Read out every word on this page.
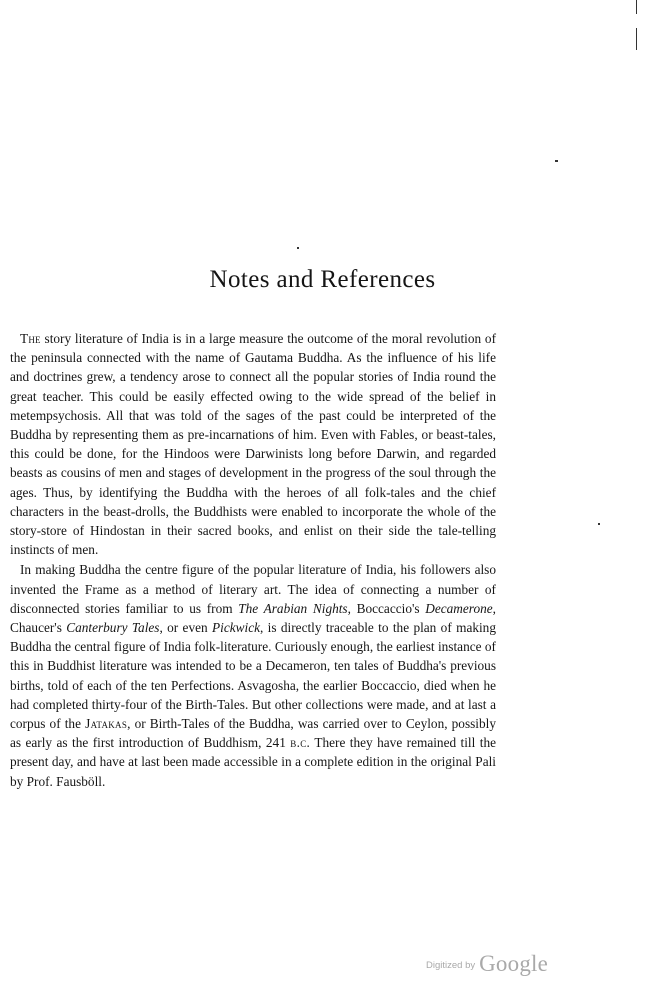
Notes and References

The story literature of India is in a large measure the outcome of the moral revolution of the peninsula connected with the name of Gautama Buddha. As the influence of his life and doctrines grew, a tendency arose to connect all the popular stories of India round the great teacher. This could be easily effected owing to the wide spread of the belief in metempsychosis. All that was told of the sages of the past could be interpreted of the Buddha by representing them as pre-incarnations of him. Even with Fables, or beast-tales, this could be done, for the Hindoos were Darwinists long before Darwin, and regarded beasts as cousins of men and stages of development in the progress of the soul through the ages. Thus, by identifying the Buddha with the heroes of all folk-tales and the chief characters in the beast-drolls, the Buddhists were enabled to incorporate the whole of the story-store of Hindostan in their sacred books, and enlist on their side the tale-telling instincts of men.

In making Buddha the centre figure of the popular literature of India, his followers also invented the Frame as a method of literary art. The idea of connecting a number of disconnected stories familiar to us from The Arabian Nights, Boccaccio's Decamerone, Chaucer's Canterbury Tales, or even Pickwick, is directly traceable to the plan of making Buddha the central figure of India folk-literature. Curiously enough, the earliest instance of this in Buddhist literature was intended to be a Decameron, ten tales of Buddha's previous births, told of each of the ten Perfections. Asvagosha, the earlier Boccaccio, died when he had completed thirty-four of the Birth-Tales. But other collections were made, and at last a corpus of the Jatakas, or Birth-Tales of the Buddha, was carried over to Ceylon, possibly as early as the first introduction of Buddhism, 241 b.c. There they have remained till the present day, and have at last been made accessible in a complete edition in the original Pali by Prof. Fausböll.

Digitized by Google
